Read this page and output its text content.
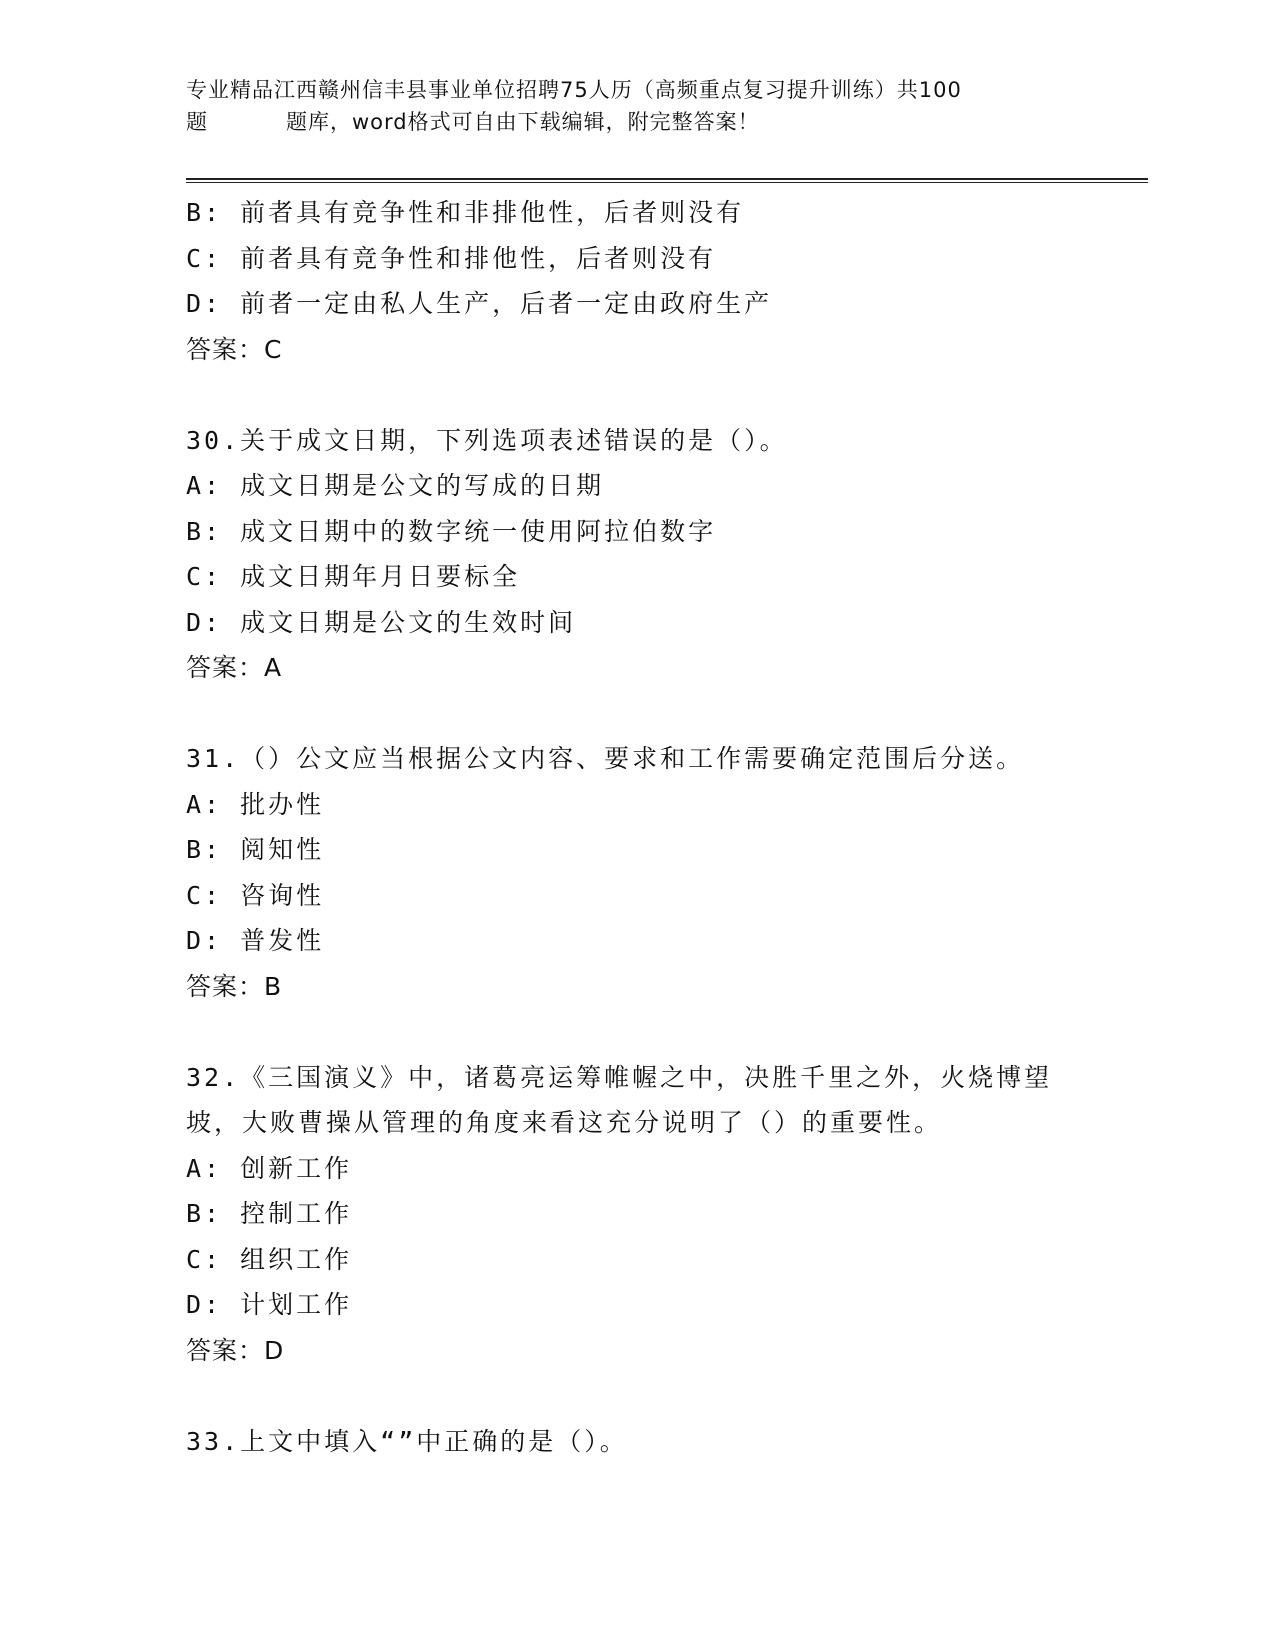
专业精品江西赣州信丰县事业单位招聘75人历（高频重点复习提升训练）共100
题	题库，word格式可自由下载编辑，附完整答案！
B: 前者具有竞争性和非排他性，后者则没有
C: 前者具有竞争性和排他性，后者则没有
D: 前者一定由私人生产，后者一定由政府生产
答案：C
30.关于成文日期，下列选项表述错误的是（）。
A: 成文日期是公文的写成的日期
B: 成文日期中的数字统一使用阿拉伯数字
C: 成文日期年月日要标全
D: 成文日期是公文的生效时间
答案：A
31.（）公文应当根据公文内容、要求和工作需要确定范围后分送。
A: 批办性
B: 阅知性
C: 咨询性
D: 普发性
答案：B
32.《三国演义》中，诸葛亮运筹帷幄之中，决胜千里之外，火烧博望
坡，大败曹操从管理的角度来看这充分说明了（）的重要性。
A: 创新工作
B: 控制工作
C: 组织工作
D: 计划工作
答案：D
33.上文中填入“”中正确的是（）。
